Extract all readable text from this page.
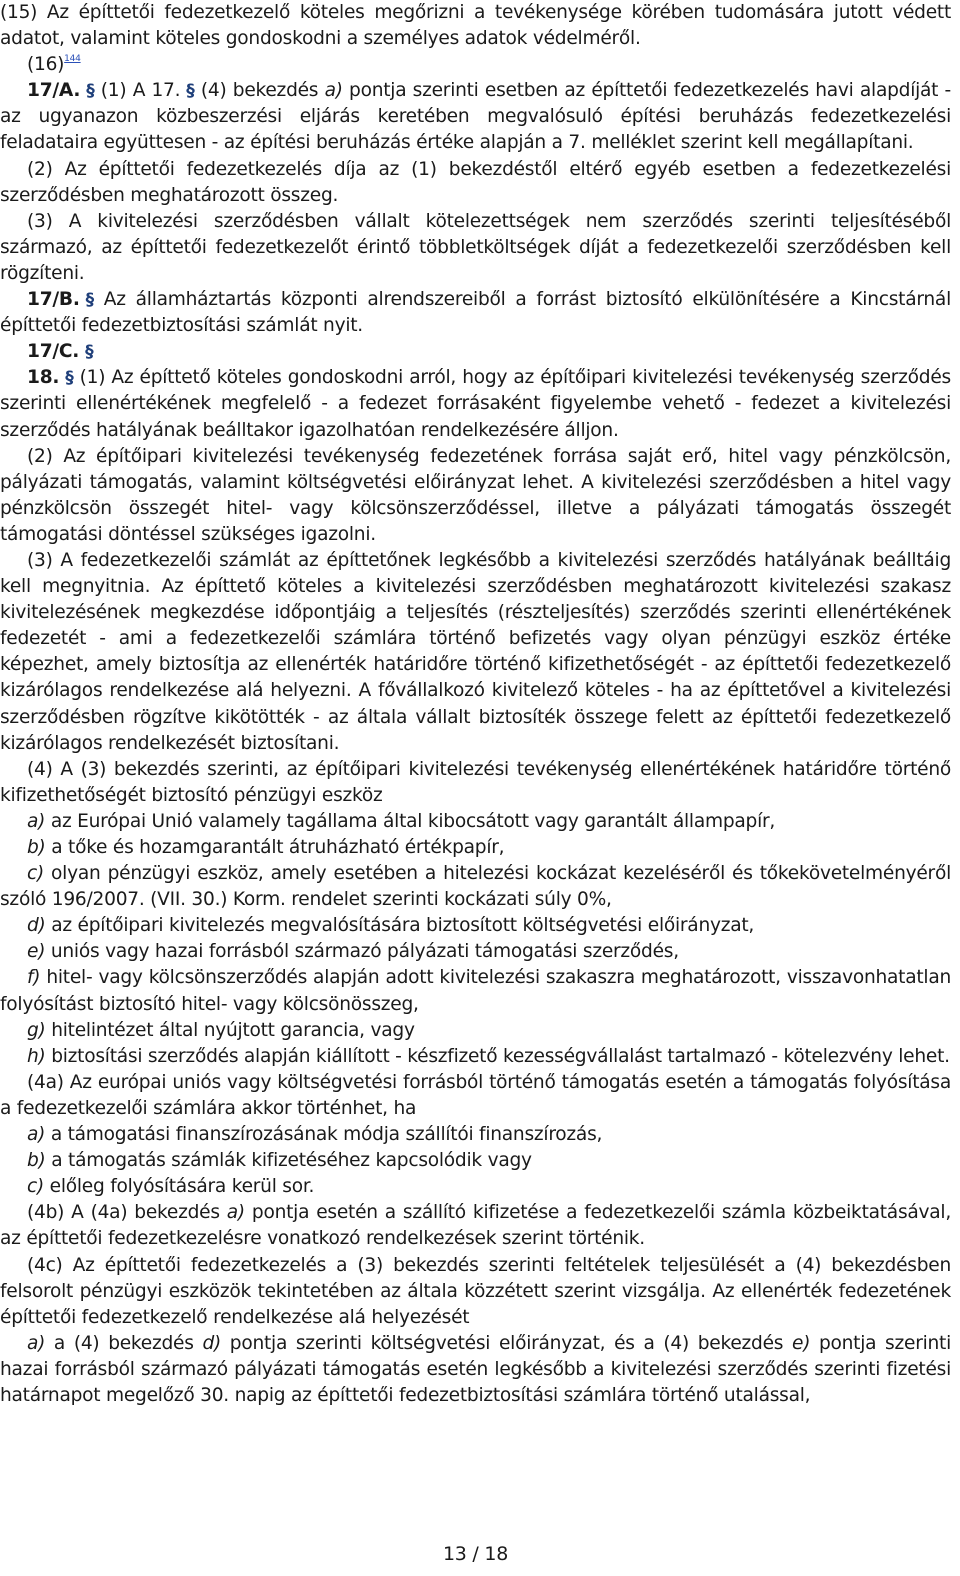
(15) Az építtetői fedezetkezelő köteles megőrizni a tevékenysége körében tudomására jutott védett adatot, valamint köteles gondoskodni a személyes adatok védelméről.

$(16)^{144}$

17/A. § (1) A 17. § (4) bekezdés a) pontja szerinti esetben az építtetői fedezetkezelés havi alapdíját - az ugyanazon közbeszerzési eljárás keretében megvalósuló építési beruházás fedezetkezelési feladataira együttesen - az építési beruházás értéke alapján a 7. melléklet szerint kell megállapítani.

(2) Az építtetői fedezetkezelés díja az (1) bekezdéstől eltérő egyéb esetben a fedezetkezelési szerződésben meghatározott összeg.

(3) A kivitelezési szerződésben vállalt kötelezettségek nem szerződés szerinti teljesítéséből származó, az építtetői fedezetkezelőt érintő többletköltségek díját a fedezetkezelői szerződésben kell rögzíteni.

17/B. § Az államháztartás központi alrendszereiből a forrást biztosító elkülönítésére a Kincstárnál építtetői fedezetbiztosítási számlát nyit.

17/C. §

18. § (1) Az építtető köteles gondoskodni arról, hogy az építőipari kivitelezési tevékenység szerződés szerinti ellenértékének megfelelő - a fedezet forrásaként figyelembe vehető - fedezet a kivitelezési szerződés hatályának beálltakor igazolhatóan rendelkezésére álljon.

(2) Az építőipari kivitelezési tevékenység fedezetének forrása saját erő, hitel vagy pénzkölcsön, pályázati támogatás, valamint költségvetési előirányzat lehet. A kivitelezési szerződésben a hitel vagy pénzkölcsön összegét hitel- vagy kölcsönszerződéssel, illetve a pályázati támogatás összegét támogatási döntéssel szükséges igazolni.

(3) A fedezetkezelői számlát az építtetőnek legkésőbb a kivitelezési szerződés hatályának beálltáig kell megnyitnia. Az építtető köteles a kivitelezési szerződésben meghatározott kivitelezési szakasz kivitelezésének megkezdése időpontjáig a teljesítés (részteljesítés) szerződés szerinti ellenértékének fedezetét - ami a fedezetkezelői számlára történő befizetés vagy olyan pénzügyi eszköz értéke képezhet, amely biztosítja az ellenérték határidőre történő kifizethetőségét - az építtetői fedezetkezelő kizárólagos rendelkezése alá helyezni. A fővállalkozó kivitelező köteles - ha az építtetővel a kivitelezési szerződésben rögzítve kikötötték - az általa vállalt biztosíték összege felett az építtetői fedezetkezelő kizárólagos rendelkezését biztosítani.

(4) A (3) bekezdés szerinti, az építőipari kivitelezési tevékenység ellenértékének határidőre történő kifizethetőségét biztosító pénzügyi eszköz

a) az Európai Unió valamely tagállama által kibocsátott vagy garantált állampapír,

b) a tőke és hozamgarantált átruházható értékpapír,

c) olyan pénzügyi eszköz, amely esetében a hitelezési kockázat kezeléséről és tőkekövetelményéről szóló 196/2007. (VII. 30.) Korm. rendelet szerinti kockázati súly 0%,

d) az építőipari kivitelezés megvalósítására biztosított költségvetési előirányzat,

e) uniós vagy hazai forrásból származó pályázati támogatási szerződés,

f) hitel- vagy kölcsönszerződés alapján adott kivitelezési szakaszra meghatározott, visszavonhatatlan folyósítást biztosító hitel- vagy kölcsönösszeg,

g) hitelintézet által nyújtott garancia, vagy

h) biztosítási szerződés alapján kiállított - készfizető kezességvállalást tartalmazó - kötelezvény lehet.

(4a) Az európai uniós vagy költségvetési forrásból történő támogatás esetén a támogatás folyósítása a fedezetkezelői számlára akkor történhet, ha

a) a támogatási finanszírozásának módja szállítói finanszírozás,

b) a támogatás számlák kifizetéséhez kapcsolódik vagy

c) előleg folyósítására kerül sor.

(4b) A (4a) bekezdés a) pontja esetén a szállító kifizetése a fedezetkezelői számla közbeiktatásával, az építtetői fedezetkezelésre vonatkozó rendelkezések szerint történik.

(4c) Az építtetői fedezetkezelés a (3) bekezdés szerinti feltételek teljesülését a (4) bekezdésben felsorolt pénzügyi eszközök tekintetében az általa közzétett szerint vizsgálja. Az ellenérték fedezetének építtetői fedezetkezelő rendelkezése alá helyezését

a) a (4) bekezdés d) pontja szerinti költségvetési előirányzat, és a (4) bekezdés e) pontja szerinti hazai forrásból származó pályázati támogatás esetén legkésőbb a kivitelezési szerződés szerinti fizetési határnapot megelőző 30. napig az építtetői fedezetbiztosítási számlára történő utalással,

13 / 18
